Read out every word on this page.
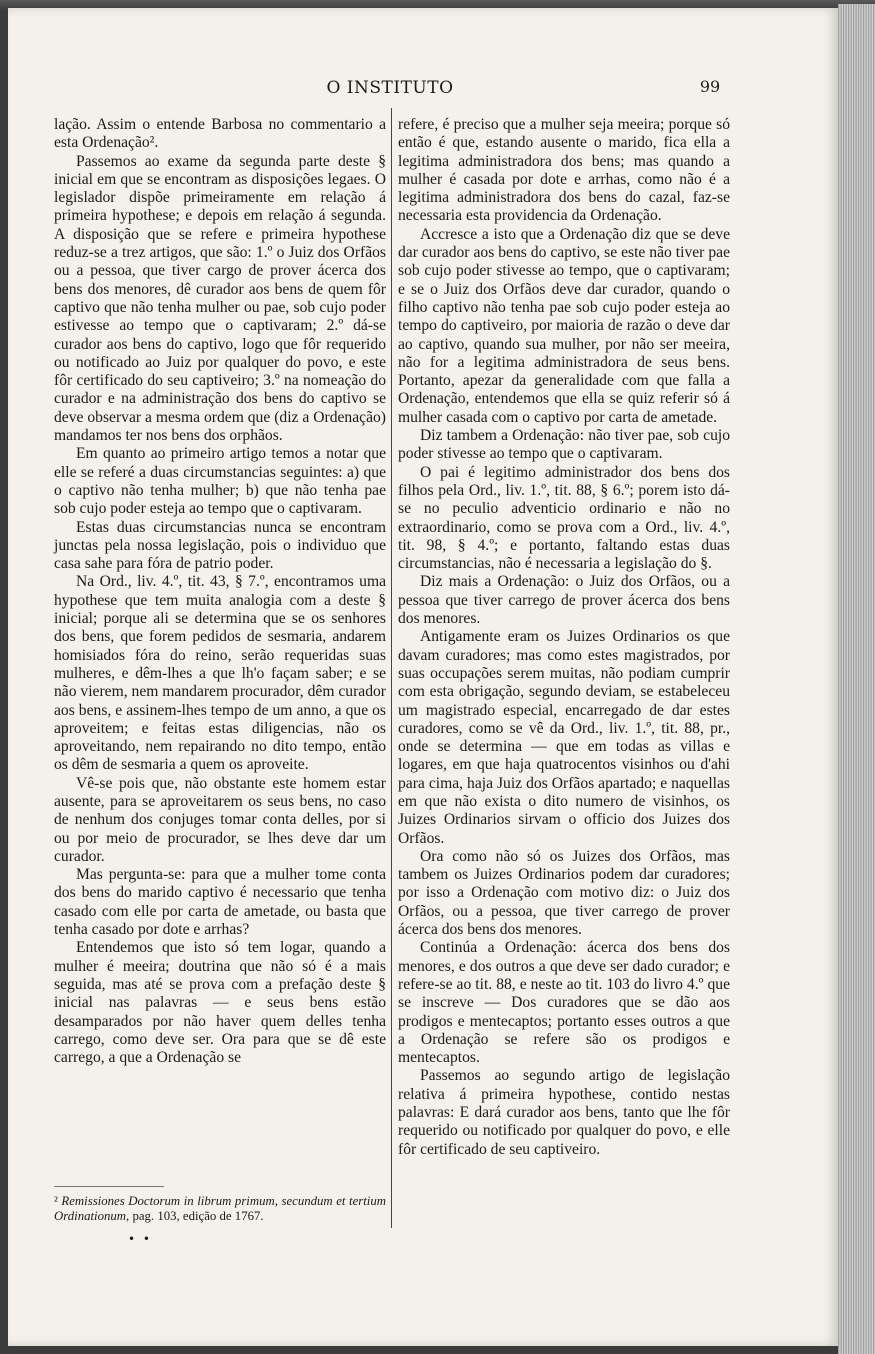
O INSTITUTO	99

lação. Assim o entende Barbosa no commentario a esta Ordenação².

Passemos ao exame da segunda parte deste § inicial em que se encontram as disposições legaes. O legislador dispõe primeiramente em relação á primeira hypothese; e depois em relação á segunda. A disposição que se refere e primeira hypothese reduz-se a trez artigos, que são: 1.º o Juiz dos Orfãos ou a pessoa, que tiver cargo de prover ácerca dos bens dos menores, dê curador aos bens de quem fôr captivo que não tenha mulher ou pae, sob cujo poder estivesse ao tempo que o captivaram; 2.º dá-se curador aos bens do captivo, logo que fôr requerido ou notificado ao Juiz por qualquer do povo, e este fôr certificado do seu captiveiro; 3.º na nomeação do curador e na administração dos bens do captivo se deve observar a mesma ordem que (diz a Ordenação) mandamos ter nos bens dos orphãos.

Em quanto ao primeiro artigo temos a notar que elle se referé a duas circumstancias seguintes: a) que o captivo não tenha mulher; b) que não tenha pae sob cujo poder esteja ao tempo que o captivaram.

Estas duas circumstancias nunca se encontram junctas pela nossa legislação, pois o individuo que casa sahe para fóra de patrio poder.

Na Ord., liv. 4.º, tit. 43, § 7.º, encontramos uma hypothese que tem muita analogia com a deste § inicial; porque ali se determina que se os senhores dos bens, que forem pedidos de sesmaria, andarem homisiados fóra do reino, serão requeridas suas mulheres, e dêm-lhes a que lh'o façam saber; e se não vierem, nem mandarem procurador, dêm curador aos bens, e assinem-lhes tempo de um anno, a que os aproveitem; e feitas estas diligencias, não os aproveitando, nem repairando no dito tempo, então os dêm de sesmaria a quem os aproveite.

Vê-se pois que, não obstante este homem estar ausente, para se aproveitarem os seus bens, no caso de nenhum dos conjuges tomar conta delles, por si ou por meio de procurador, se lhes deve dar um curador.

Mas pergunta-se: para que a mulher tome conta dos bens do marido captivo é necessario que tenha casado com elle por carta de ametade, ou basta que tenha casado por dote e arrhas?

Entendemos que isto só tem logar, quando a mulher é meeira; doutrina que não só é a mais seguida, mas até se prova com a prefação deste § inicial nas palavras — e seus bens estão desamparados por não haver quem delles tenha carrego, como deve ser. Ora para que se dê este carrego, a que a Ordenação se

² Remissiones Doctorum in librum primum, secundum et tertium Ordinationum, pag. 103, edição de 1767.
• •

refere, é preciso que a mulher seja meeira; porque só então é que, estando ausente o marido, fica ella a legitima administradora dos bens; mas quando a mulher é casada por dote e arrhas, como não é a legitima administradora dos bens do cazal, faz-se necessaria esta providencia da Ordenação.

Accresce a isto que a Ordenação diz que se deve dar curador aos bens do captivo, se este não tiver pae sob cujo poder stivesse ao tempo, que o captivaram; e se o Juiz dos Orfãos deve dar curador, quando o filho captivo não tenha pae sob cujo poder esteja ao tempo do captiveiro, por maioria de razão o deve dar ao captivo, quando sua mulher, por não ser meeira, não for a legitima administradora de seus bens. Portanto, apezar da generalidade com que falla a Ordenação, entendemos que ella se quiz referir só á mulher casada com o captivo por carta de ametade.

Diz tambem a Ordenação: não tiver pae, sob cujo poder stivesse ao tempo que o captivaram.

O pai é legitimo administrador dos bens dos filhos pela Ord., liv. 1.º, tit. 88, § 6.º; porem isto dá-se no peculio adventicio ordinario e não no extraordinario, como se prova com a Ord., liv. 4.º, tit. 98, § 4.º; e portanto, faltando estas duas circumstancias, não é necessaria a legislação do §.

Diz mais a Ordenação: o Juiz dos Orfãos, ou a pessoa que tiver carrego de prover ácerca dos bens dos menores.

Antigamente eram os Juizes Ordinarios os que davam curadores; mas como estes magistrados, por suas occupações serem muitas, não podiam cumprir com esta obrigação, segundo deviam, se estabeleceu um magistrado especial, encarregado de dar estes curadores, como se vê da Ord., liv. 1.º, tit. 88, pr., onde se determina — que em todas as villas e logares, em que haja quatrocentos visinhos ou d'ahi para cima, haja Juiz dos Orfãos apartado; e naquellas em que não exista o dito numero de visinhos, os Juizes Ordinarios sirvam o officio dos Juizes dos Orfãos.

Ora como não só os Juizes dos Orfãos, mas tambem os Juizes Ordinarios podem dar curadores; por isso a Ordenação com motivo diz: o Juiz dos Orfãos, ou a pessoa, que tiver carrego de prover ácerca dos bens dos menores.

Continúa a Ordenação: ácerca dos bens dos menores, e dos outros a que deve ser dado curador; e refere-se ao tit. 88, e neste ao tit. 103 do livro 4.º que se inscreve — Dos curadores que se dão aos prodigos e mentecaptos; portanto esses outros a que a Ordenação se refere são os prodigos e mentecaptos.

Passemos ao segundo artigo de legislação relativa á primeira hypothese, contido nestas palavras: E dará curador aos bens, tanto que lhe fôr requerido ou notificado por qualquer do povo, e elle fôr certificado de seu captiveiro.
